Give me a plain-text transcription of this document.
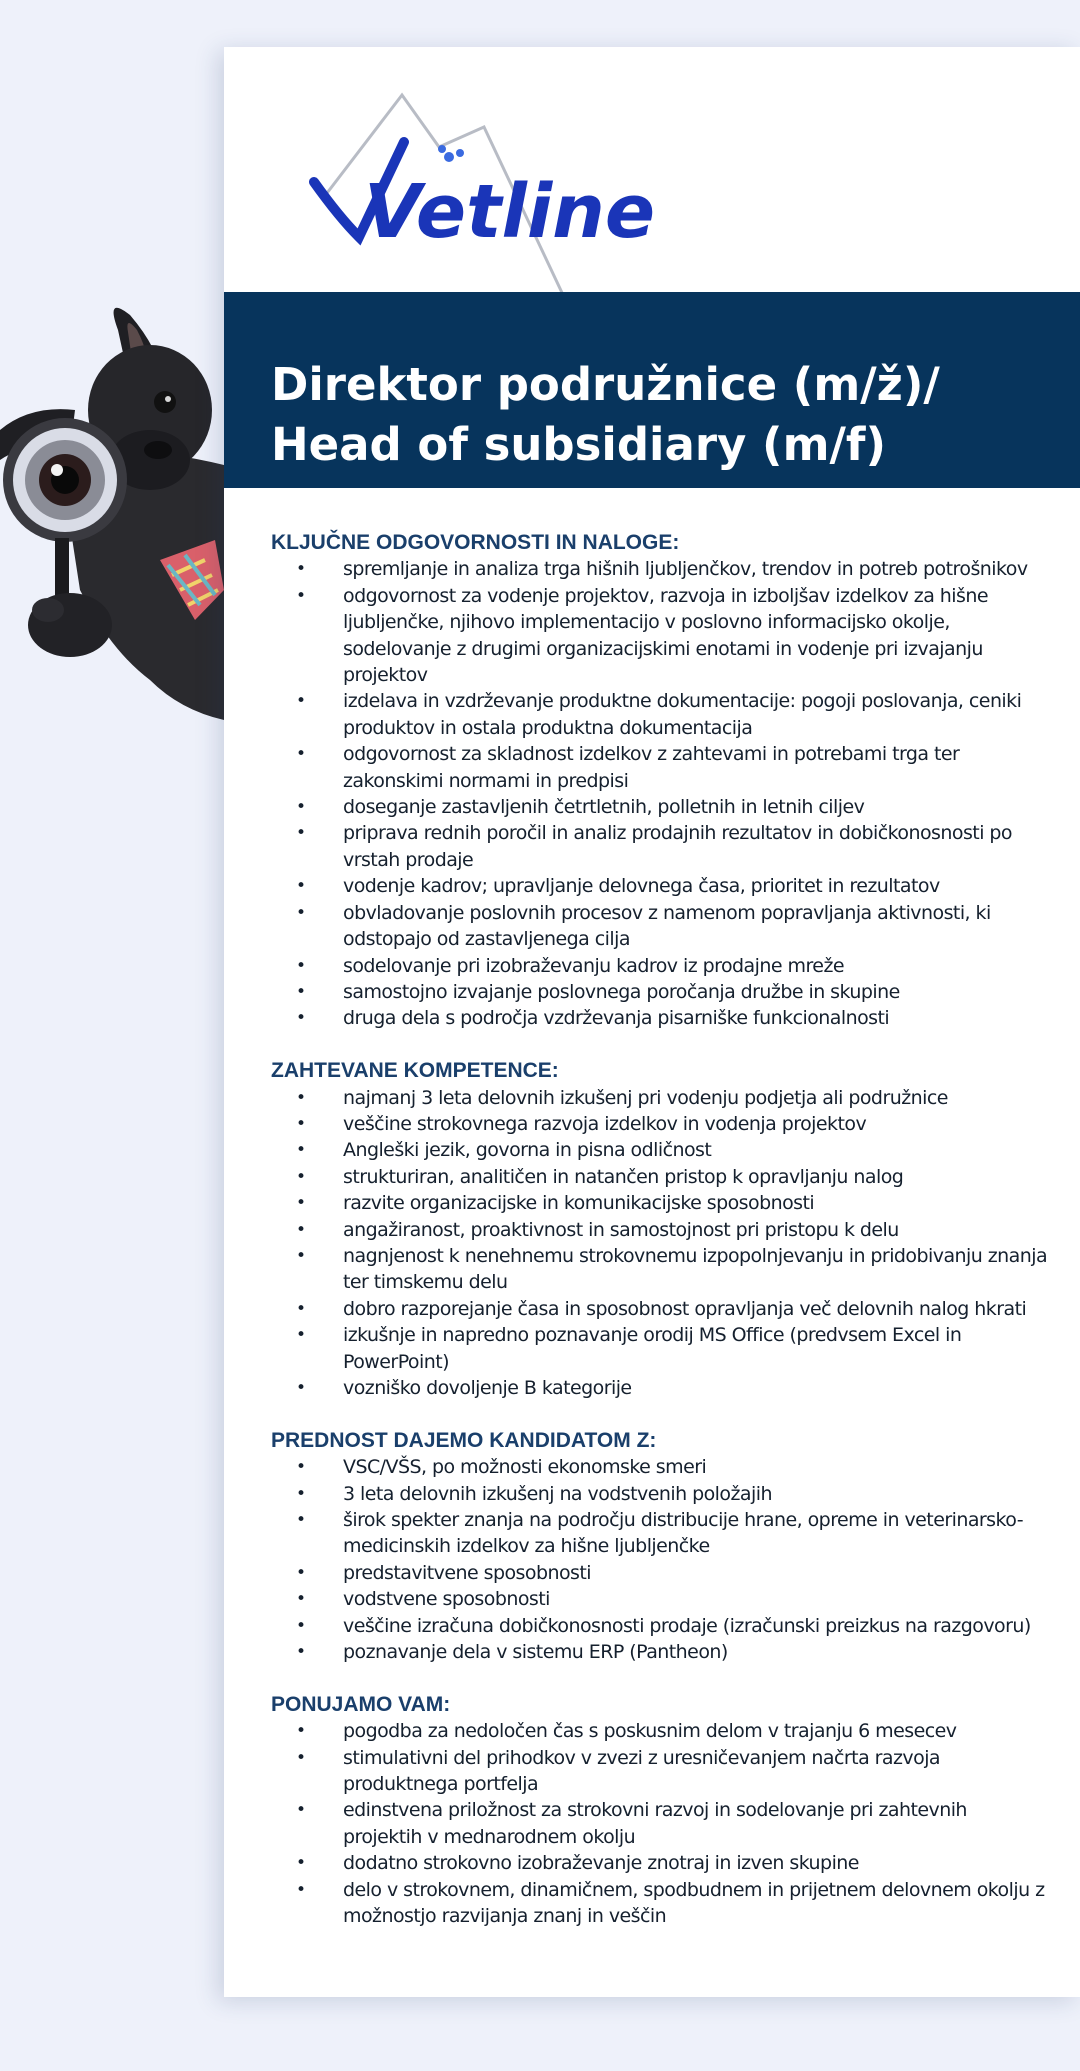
Vetline
Direktor podružnice (m/ž)/
Head of subsidiary (m/f)
KLJUČNE ODGOVORNOSTI IN NALOGE:
• spremljanje in analiza trga hišnih ljubljenčkov, trendov in potreb potrošnikov
• odgovornost za vodenje projektov, razvoja in izboljšav izdelkov za hišne ljubljenčke, njihovo implementacijo v poslovno informacijsko okolje, sodelovanje z drugimi organizacijskimi enotami in vodenje pri izvajanju projektov
• izdelava in vzdrževanje produktne dokumentacije: pogoji poslovanja, ceniki produktov in ostala produktna dokumentacija
• odgovornost za skladnost izdelkov z zahtevami in potrebami trga ter zakonskimi normami in predpisi
• doseganje zastavljenih četrtletnih, polletnih in letnih ciljev
• priprava rednih poročil in analiz prodajnih rezultatov in dobičkonosnosti po vrstah prodaje
• vodenje kadrov; upravljanje delovnega časa, prioritet in rezultatov
• obvladovanje poslovnih procesov z namenom popravljanja aktivnosti, ki odstopajo od zastavljenega cilja
• sodelovanje pri izobraževanju kadrov iz prodajne mreže
• samostojno izvajanje poslovnega poročanja družbe in skupine
• druga dela s področja vzdrževanja pisarniške funkcionalnosti
ZAHTEVANE KOMPETENCE:
• najmanj 3 leta delovnih izkušenj pri vodenju podjetja ali podružnice
• veščine strokovnega razvoja izdelkov in vodenja projektov
• Angleški jezik, govorna in pisna odličnost
• strukturiran, analitičen in natančen pristop k opravljanju nalog
• razvite organizacijske in komunikacijske sposobnosti
• angažiranost, proaktivnost in samostojnost pri pristopu k delu
• nagnjenost k nenehnemu strokovnemu izpopolnjevanju in pridobivanju znanja ter timskemu delu
• dobro razporejanje časa in sposobnost opravljanja več delovnih nalog hkrati
• izkušnje in napredno poznavanje orodij MS Office (predvsem Excel in PowerPoint)
• vozniško dovoljenje B kategorije
PREDNOST DAJEMO KANDIDATOM Z:
• VSC/VŠS, po možnosti ekonomske smeri
• 3 leta delovnih izkušenj na vodstvenih položajih
• širok spekter znanja na področju distribucije hrane, opreme in veterinarsko-medicinskih izdelkov za hišne ljubljenčke
• predstavitvene sposobnosti
• vodstvene sposobnosti
• veščine izračuna dobičkonosnosti prodaje (izračunski preizkus na razgovoru)
• poznavanje dela v sistemu ERP (Pantheon)
PONUJAMO VAM:
• pogodba za nedoločen čas s poskusnim delom v trajanju 6 mesecev
• stimulativni del prihodkov v zvezi z uresničevanjem načrta razvoja produktnega portfelja
• edinstvena priložnost za strokovni razvoj in sodelovanje pri zahtevnih projektih v mednarodnem okolju
• dodatno strokovno izobraževanje znotraj in izven skupine
• delo v strokovnem, dinamičnem, spodbudnem in prijetnem delovnem okolju z možnostjo razvijanja znanj in veščin
